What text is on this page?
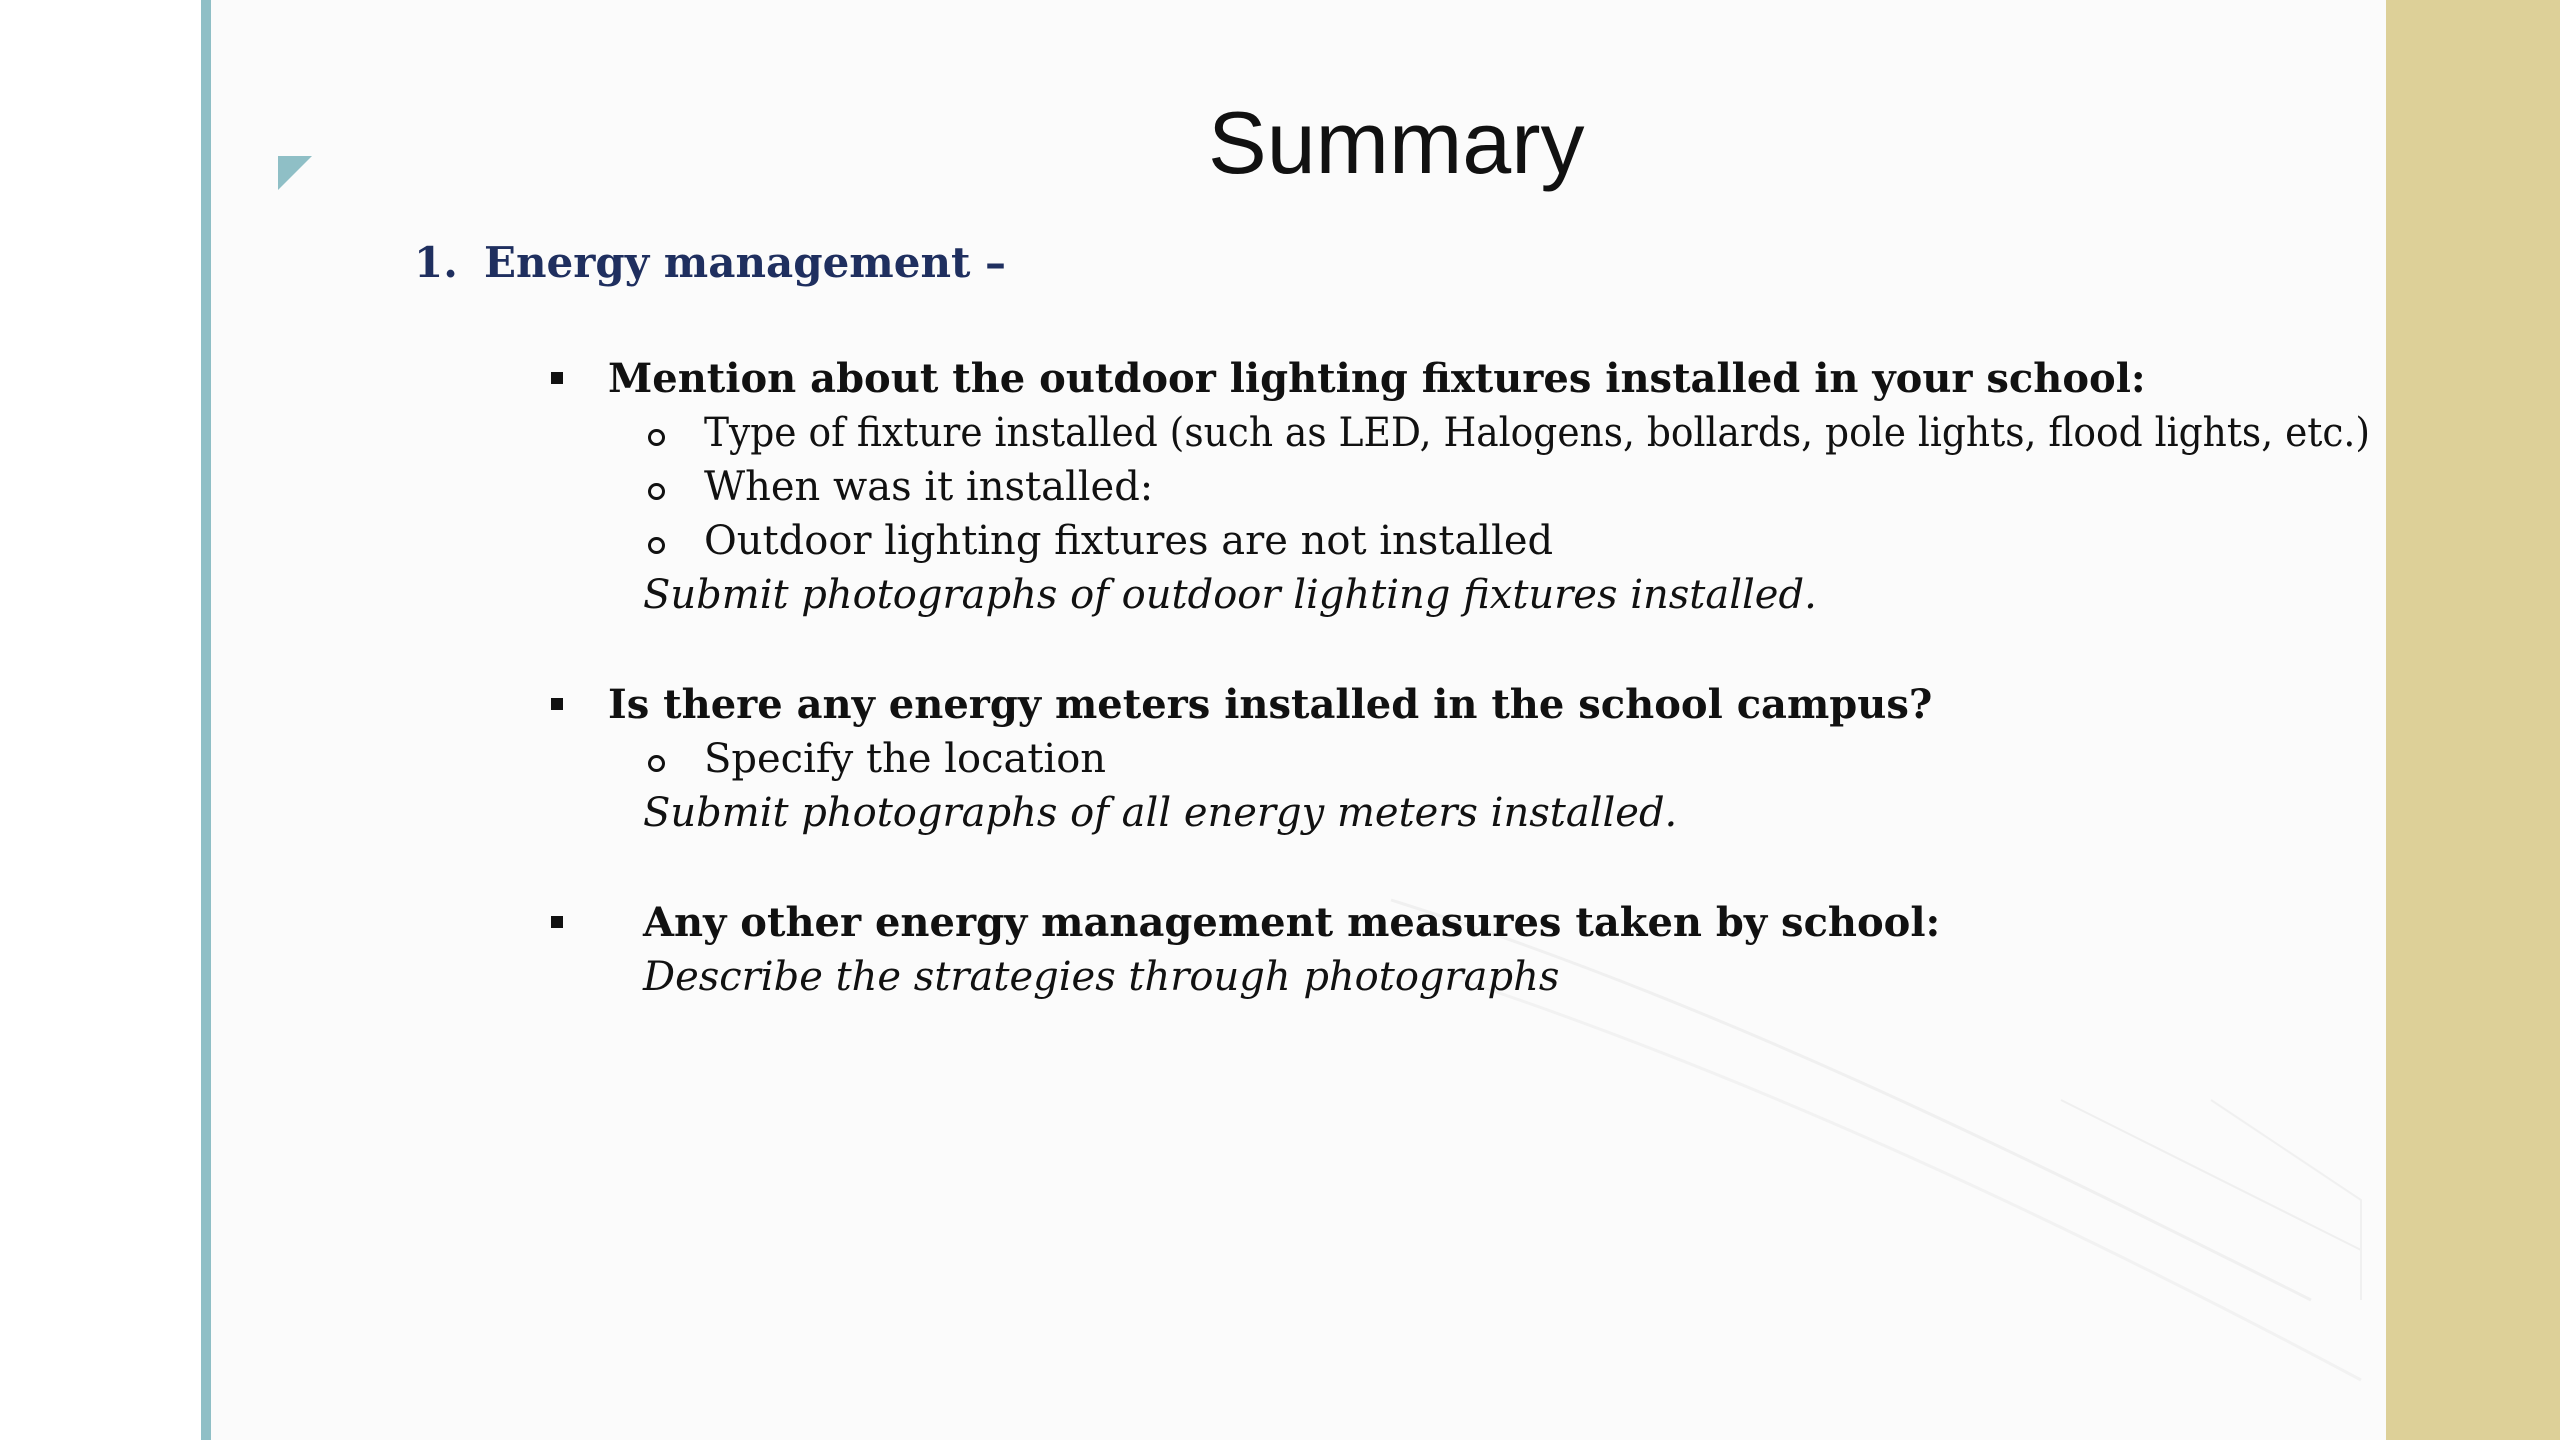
Summary
1. Energy management –
Mention about the outdoor lighting fixtures installed in your school:
Type of fixture installed (such as LED, Halogens, bollards, pole lights, flood lights, etc.)
When was it installed:
Outdoor lighting fixtures are not installed
Submit photographs of outdoor lighting fixtures installed.
Is there any energy meters installed in the school campus?
Specify the location
Submit photographs of all energy meters installed.
Any other energy management measures taken by school:
Describe the strategies through photographs
